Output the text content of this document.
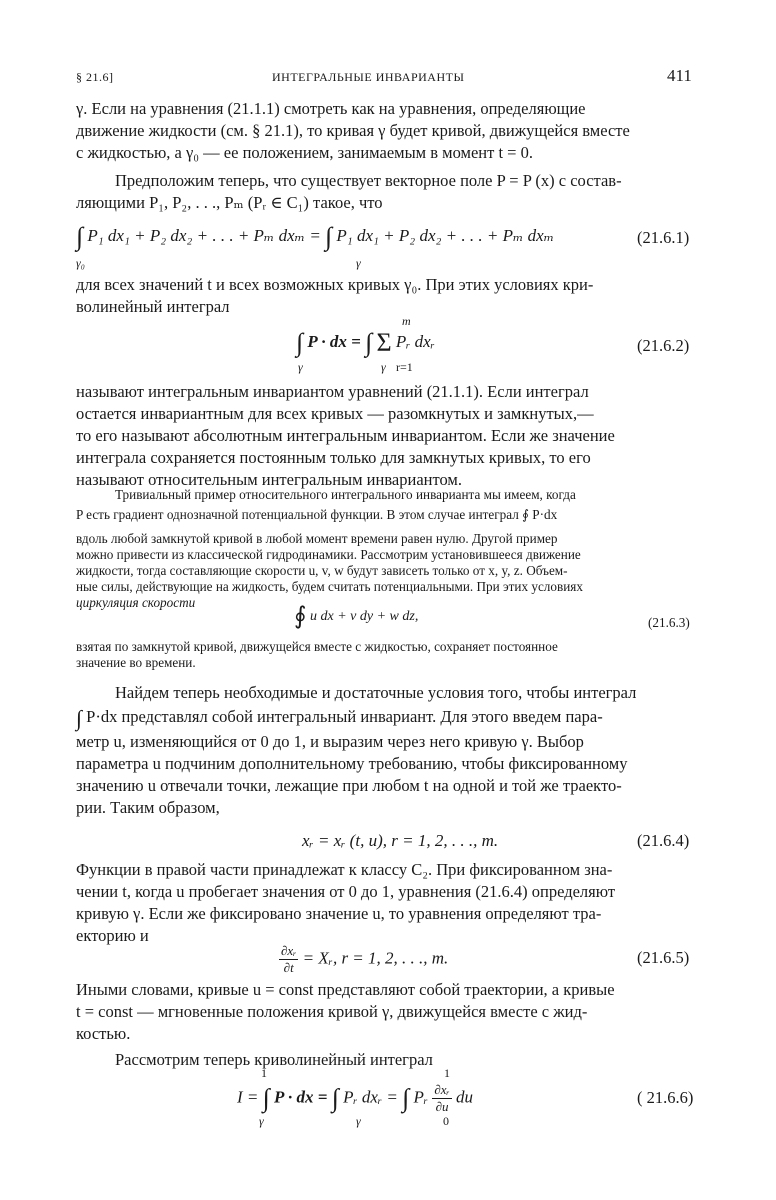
§ 21.6]	ИНТЕГРАЛЬНЫЕ ИНВАРИАНТЫ	411
γ. Если на уравнения (21.1.1) смотреть как на уравнения, определяющие
движение жидкости (см. § 21.1), то кривая γ будет кривой, движущейся вместе
с жидкостью, а γ₀ — ее положением, занимаемым в момент t = 0.
Предположим теперь, что существует векторное поле P = P (x) с состав-
ляющими P₁, P₂, . . ., Pₘ (Pᵣ ∈ C₁) такое, что
∫ P₁ dx₁ + P₂ dx₂ + . . . + Pₘ dxₘ = ∫ P₁ dx₁ + P₂ dx₂ + . . . + Pₘ dxₘ
γ₀	γ
(21.6.1)
для всех значений t и всех возможных кривых γ₀. При этих условиях кри-
волинейный интеграл
∫ P · dx = ∫ Σ Pᵣ dxᵣ
m
r=1
γ	γ
(21.6.2)
называют интегральным инвариантом уравнений (21.1.1). Если интеграл
остается инвариантным для всех кривых — разомкнутых и замкнутых,—
то его называют абсолютным интегральным инвариантом. Если же значение
интеграла сохраняется постоянным только для замкнутых кривых, то его
называют относительным интегральным инвариантом.
Тривиальный пример относительного интегрального инварианта мы имеем, когда
P есть градиент однозначной потенциальной функции. В этом случае интеграл ∮ P·dx
вдоль любой замкнутой кривой в любой момент времени равен нулю. Другой пример
можно привести из классической гидродинамики. Рассмотрим установившееся движение
жидкости, тогда составляющие скорости u, v, w будут зависеть только от x, y, z. Объем-
ные силы, действующие на жидкость, будем считать потенциальными. При этих условиях
циркуляция скорости
∮ u dx + v dy + w dz,	(21.6.3)
взятая по замкнутой кривой, движущейся вместе с жидкостью, сохраняет постоянное
значение во времени.
Найдем теперь необходимые и достаточные условия того, чтобы интеграл
∫ P·dx представлял собой интегральный инвариант. Для этого введем пара-
метр u, изменяющийся от 0 до 1, и выразим через него кривую γ. Выбор
параметра u подчиним дополнительному требованию, чтобы фиксированному
значению u отвечали точки, лежащие при любом t на одной и той же траекто-
рии. Таким образом,
xᵣ = xᵣ (t, u), r = 1, 2, . . ., m.	(21.6.4)
Функции в правой части принадлежат к классу C₂. При фиксированном зна-
чении t, когда u пробегает значения от 0 до 1, уравнения (21.6.4) определяют
кривую γ. Если же фиксировано значение u, то уравнения определяют тра-
екторию и
$\frac{\text{∂xᵣ}}{\partial t}$ = Xᵣ, r = 1, 2, . . ., m.	(21.6.5)
Иными словами, кривые u = const представляют собой траектории, а кривые
t = const — мгновенные положения кривой γ, движущейся вместе с жид-
костью.
Рассмотрим теперь криволинейный интеграл
I = ∫ P · dx = ∫ Pᵣ dxᵣ = ∫ Pᵣ $\frac{\text{∂xᵣ}}{\partial u}$ du
1
γ	γ
1
0
( 21.6.6)
